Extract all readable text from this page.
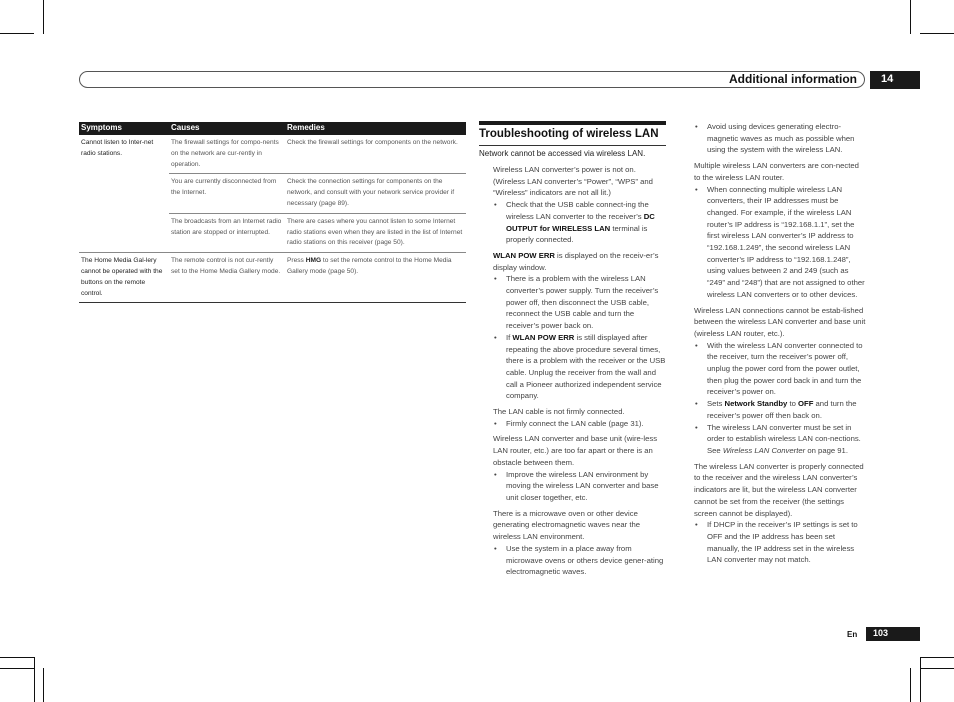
Additional information	14
Symptoms	Causes	Remedies
Cannot listen to Inter-net radio stations.	The firewall settings for compo-nents on the network are cur-rently in operation.	Check the firewall settings for components on the network.
	You are currently disconnected from the Internet.	Check the connection settings for components on the network, and consult with your network service provider if necessary (page 89).
	The broadcasts from an Internet radio station are stopped or interrupted.	There are cases where you cannot listen to some Internet radio stations even when they are listed in the list of Internet radio stations on this receiver (page 50).
The Home Media Gal-lery cannot be operated with the buttons on the remote control.	The remote control is not cur-rently set to the Home Media Gallery mode.	Press HMG to set the remote control to the Home Media Gallery mode (page 50).
Troubleshooting of wireless LAN
Network cannot be accessed via wireless LAN.
Wireless LAN converter’s power is not on. (Wireless LAN converter’s “Power”, “WPS” and “Wireless” indicators are not all lit.)
• Check that the USB cable connect-ing the wireless LAN converter to the receiver’s DC OUTPUT for WIRELESS LAN terminal is properly connected.
WLAN POW ERR is displayed on the receiv-er’s display window.
• There is a problem with the wireless LAN converter’s power supply. Turn the receiver’s power off, then disconnect the USB cable, reconnect the USB cable and turn the receiver’s power back on.
• If WLAN POW ERR is still displayed after repeating the above procedure several times, there is a problem with the receiver or the USB cable. Unplug the receiver from the wall and call a Pioneer authorized independent service company.
The LAN cable is not firmly connected.
• Firmly connect the LAN cable (page 31).
Wireless LAN converter and base unit (wire-less LAN router, etc.) are too far apart or there is an obstacle between them.
• Improve the wireless LAN environment by moving the wireless LAN converter and base unit closer together, etc.
There is a microwave oven or other device generating electromagnetic waves near the wireless LAN environment.
• Use the system in a place away from microwave ovens or others device gener-ating electromagnetic waves.
• Avoid using devices generating electro-magnetic waves as much as possible when using the system with the wireless LAN.
Multiple wireless LAN converters are con-nected to the wireless LAN router.
• When connecting multiple wireless LAN converters, their IP addresses must be changed. For example, if the wireless LAN router’s IP address is “192.168.1.1”, set the first wireless LAN converter’s IP address to “192.168.1.249”, the second wireless LAN converter’s IP address to “192.168.1.248”, using values between 2 and 249 (such as “249” and “248”) that are not assigned to other wireless LAN converters or to other devices.
Wireless LAN connections cannot be estab-lished between the wireless LAN converter and base unit (wireless LAN router, etc.).
• With the wireless LAN converter connected to the receiver, turn the receiver’s power off, unplug the power cord from the power outlet, then plug the power cord back in and turn the receiver’s power on.
• Sets Network Standby to OFF and turn the receiver’s power off then back on.
• The wireless LAN converter must be set in order to establish wireless LAN con-nections. See Wireless LAN Converter on page 91.
The wireless LAN converter is properly connected to the receiver and the wireless LAN converter’s indicators are lit, but the wireless LAN converter cannot be set from the receiver (the settings screen cannot be displayed).
• If DHCP in the receiver’s IP settings is set to OFF and the IP address has been set manually, the IP address set in the wireless LAN converter may not match.
En	103
